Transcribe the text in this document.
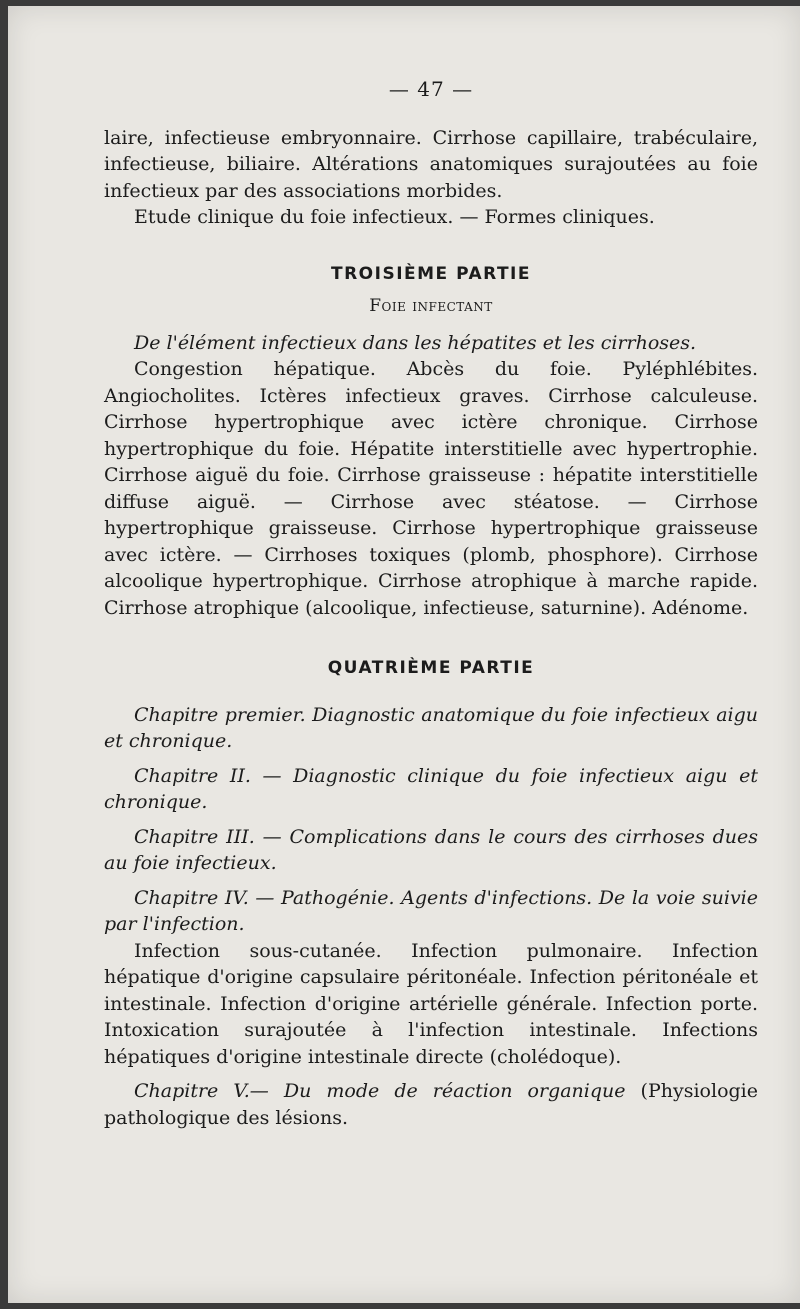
— 47 —

laire, infectieuse embryonnaire. Cirrhose capillaire, trabéculaire, infectieuse, biliaire. Altérations anatomiques surajoutées au foie infectieux par des associations morbides.

Etude clinique du foie infectieux. — Formes cliniques.

TROISIÈME PARTIE
Foie infectant

De l'élément infectieux dans les hépatites et les cirrhoses.

Congestion hépatique. Abcès du foie. Pyléphlébites. Angiocholites. Ictères infectieux graves. Cirrhose calculeuse. Cirrhose hypertrophique avec ictère chronique. Cirrhose hypertrophique du foie. Hépatite interstitielle avec hypertrophie. Cirrhose aiguë du foie. Cirrhose graisseuse : hépatite interstitielle diffuse aiguë. — Cirrhose avec stéatose. — Cirrhose hypertrophique graisseuse. Cirrhose hypertrophique graisseuse avec ictère. — Cirrhoses toxiques (plomb, phosphore). Cirrhose alcoolique hypertrophique. Cirrhose atrophique à marche rapide. Cirrhose atrophique (alcoolique, infectieuse, saturnine). Adénome.

QUATRIÈME PARTIE

Chapitre premier. Diagnostic anatomique du foie infectieux aigu et chronique.

Chapitre II. — Diagnostic clinique du foie infectieux aigu et chronique.

Chapitre III. — Complications dans le cours des cirrhoses dues au foie infectieux.

Chapitre IV. — Pathogénie. Agents d'infections. De la voie suivie par l'infection.

Infection sous-cutanée. Infection pulmonaire. Infection hépatique d'origine capsulaire péritonéale. Infection péritonéale et intestinale. Infection d'origine artérielle générale. Infection porte. Intoxication surajoutée à l'infection intestinale. Infections hépatiques d'origine intestinale directe (cholédoque).

Chapitre V.— Du mode de réaction organique (Physiologie pathologique des lésions.
